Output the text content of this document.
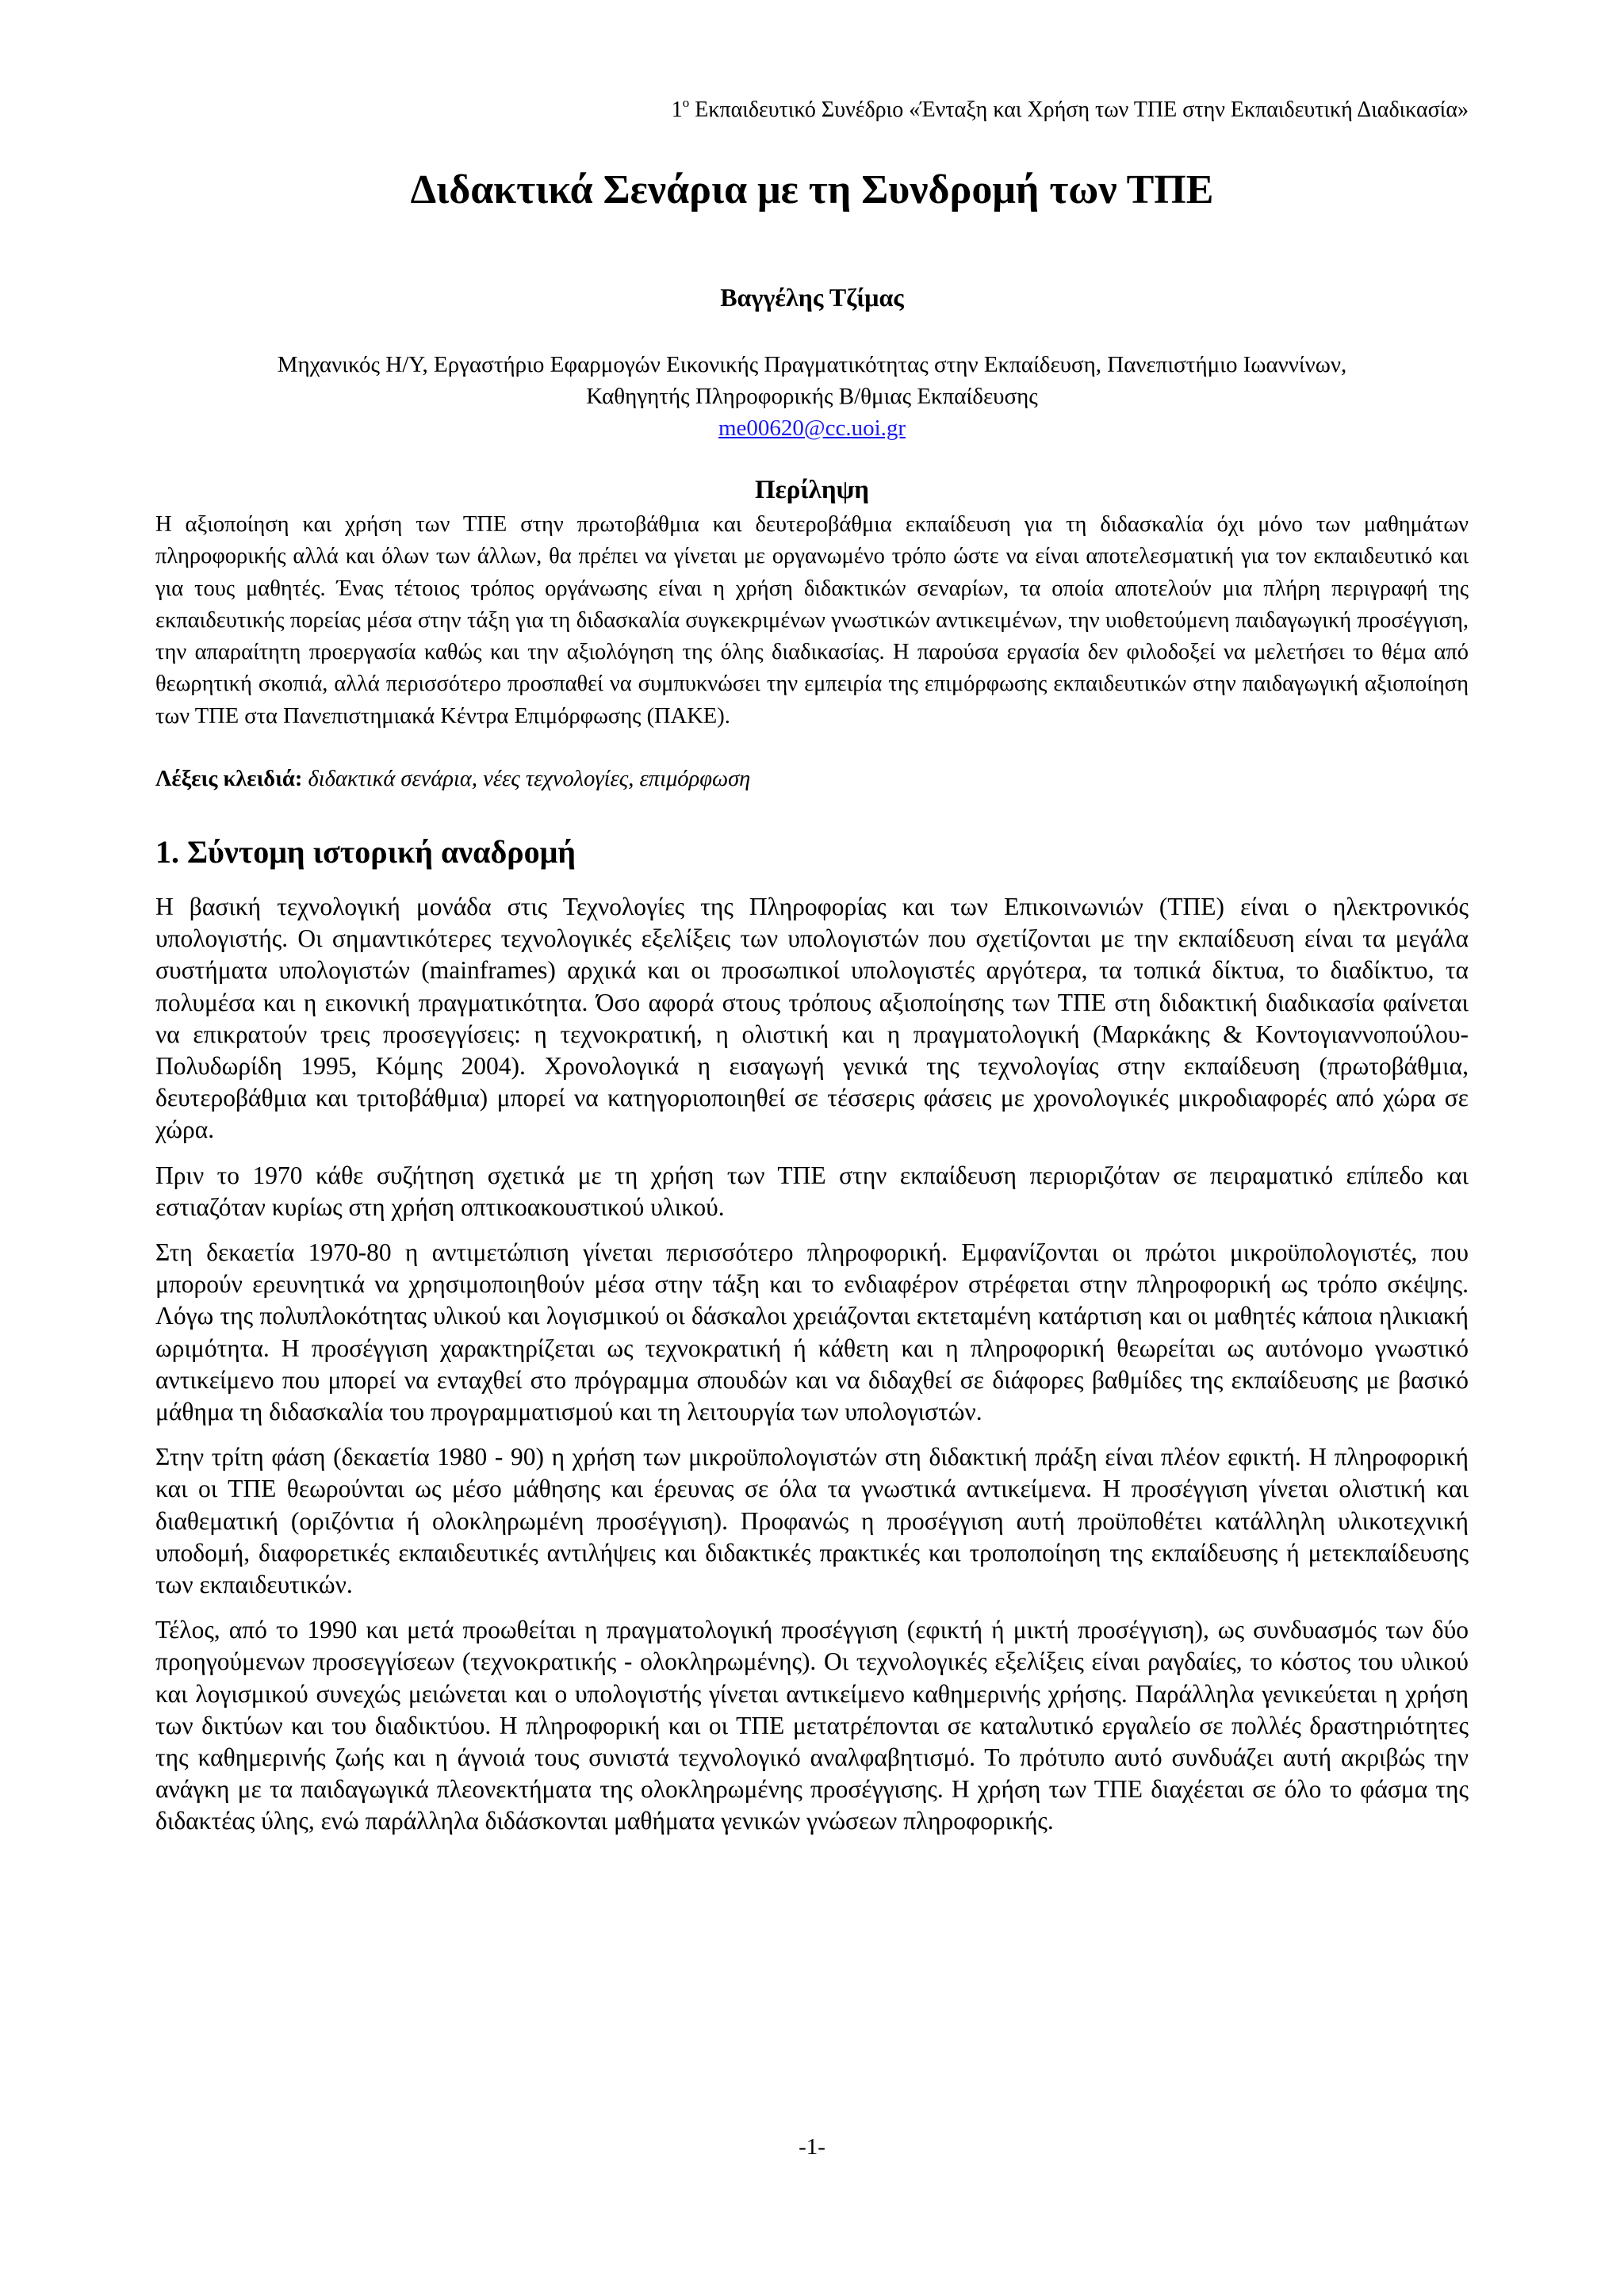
$1^o$ Εκπαιδευτικό Συνέδριο «Ένταξη και Χρήση των ΤΠΕ στην Εκπαιδευτική Διαδικασία»
Διδακτικά Σενάρια με τη Συνδρομή των ΤΠΕ
Βαγγέλης Τζίμας
Μηχανικός Η/Υ, Εργαστήριο Εφαρμογών Εικονικής Πραγματικότητας στην Εκπαίδευση, Πανεπιστήμιο Ιωαννίνων,
Καθηγητής Πληροφορικής Β/θμιας Εκπαίδευσης
me00620@cc.uoi.gr
Περίληψη

Η αξιοποίηση και χρήση των ΤΠΕ στην πρωτοβάθμια και δευτεροβάθμια εκπαίδευση για τη διδασκαλία όχι μόνο των μαθημάτων πληροφορικής αλλά και όλων των άλλων, θα πρέπει να γίνεται με οργανωμένο τρόπο ώστε να είναι αποτελεσματική για τον εκπαιδευτικό και για τους μαθητές. Ένας τέτοιος τρόπος οργάνωσης είναι η χρήση διδακτικών σεναρίων, τα οποία αποτελούν μια πλήρη περιγραφή της εκπαιδευτικής πορείας μέσα στην τάξη για τη διδασκαλία συγκεκριμένων γνωστικών αντικειμένων, την υιοθετούμενη παιδαγωγική προσέγγιση, την απαραίτητη προεργασία καθώς και την αξιολόγηση της όλης διαδικασίας. Η παρούσα εργασία δεν φιλοδοξεί να μελετήσει το θέμα από θεωρητική σκοπιά, αλλά περισσότερο προσπαθεί να συμπυκνώσει την εμπειρία της επιμόρφωσης εκπαιδευτικών στην παιδαγωγική αξιοποίηση των ΤΠΕ στα Πανεπιστημιακά Κέντρα Επιμόρφωσης (ΠΑΚΕ).

Λέξεις κλειδιά: διδακτικά σενάρια, νέες τεχνολογίες, επιμόρφωση
1. Σύντομη ιστορική αναδρομή

Η βασική τεχνολογική μονάδα στις Τεχνολογίες της Πληροφορίας και των Επικοινωνιών (ΤΠΕ) είναι ο ηλεκτρονικός υπολογιστής. Οι σημαντικότερες τεχνολογικές εξελίξεις των υπολογιστών που σχετίζονται με την εκπαίδευση είναι τα μεγάλα συστήματα υπολογιστών (mainframes) αρχικά και οι προσωπικοί υπολογιστές αργότερα, τα τοπικά δίκτυα, το διαδίκτυο, τα πολυμέσα και η εικονική πραγματικότητα. Όσο αφορά στους τρόπους αξιοποίησης των ΤΠΕ στη διδακτική διαδικασία φαίνεται να επικρατούν τρεις προσεγγίσεις: η τεχνοκρατική, η ολιστική και η πραγματολογική (Μαρκάκης & Κοντογιαννοπούλου-Πολυδωρίδη 1995, Κόμης 2004). Χρονολογικά η εισαγωγή γενικά της τεχνολογίας στην εκπαίδευση (πρωτοβάθμια, δευτεροβάθμια και τριτοβάθμια) μπορεί να κατηγοριοποιηθεί σε τέσσερις φάσεις με χρονολογικές μικροδιαφορές από χώρα σε χώρα.

Πριν το 1970 κάθε συζήτηση σχετικά με τη χρήση των ΤΠΕ στην εκπαίδευση περιοριζόταν σε πειραματικό επίπεδο και εστιαζόταν κυρίως στη χρήση οπτικοακουστικού υλικού.

Στη δεκαετία 1970-80 η αντιμετώπιση γίνεται περισσότερο πληροφορική. Εμφανίζονται οι πρώτοι μικροϋπολογιστές, που μπορούν ερευνητικά να χρησιμοποιηθούν μέσα στην τάξη και το ενδιαφέρον στρέφεται στην πληροφορική ως τρόπο σκέψης. Λόγω της πολυπλοκότητας υλικού και λογισμικού οι δάσκαλοι χρειάζονται εκτεταμένη κατάρτιση και οι μαθητές κάποια ηλικιακή ωριμότητα. Η προσέγγιση χαρακτηρίζεται ως τεχνοκρατική ή κάθετη και η πληροφορική θεωρείται ως αυτόνομο γνωστικό αντικείμενο που μπορεί να ενταχθεί στο πρόγραμμα σπουδών και να διδαχθεί σε διάφορες βαθμίδες της εκπαίδευσης με βασικό μάθημα τη διδασκαλία του προγραμματισμού και τη λειτουργία των υπολογιστών.

Στην τρίτη φάση (δεκαετία 1980 - 90) η χρήση των μικροϋπολογιστών στη διδακτική πράξη είναι πλέον εφικτή. Η πληροφορική και οι ΤΠΕ θεωρούνται ως μέσο μάθησης και έρευνας σε όλα τα γνωστικά αντικείμενα. Η προσέγγιση γίνεται ολιστική και διαθεματική (οριζόντια ή ολοκληρωμένη προσέγγιση). Προφανώς η προσέγγιση αυτή προϋποθέτει κατάλληλη υλικοτεχνική υποδομή, διαφορετικές εκπαιδευτικές αντιλήψεις και διδακτικές πρακτικές και τροποποίηση της εκπαίδευσης ή μετεκπαίδευσης των εκπαιδευτικών.

Τέλος, από το 1990 και μετά προωθείται η πραγματολογική προσέγγιση (εφικτή ή μικτή προσέγγιση), ως συνδυασμός των δύο προηγούμενων προσεγγίσεων (τεχνοκρατικής - ολοκληρωμένης). Οι τεχνολογικές εξελίξεις είναι ραγδαίες, το κόστος του υλικού και λογισμικού συνεχώς μειώνεται και ο υπολογιστής γίνεται αντικείμενο καθημερινής χρήσης. Παράλληλα γενικεύεται η χρήση των δικτύων και του διαδικτύου. Η πληροφορική και οι ΤΠΕ μετατρέπονται σε καταλυτικό εργαλείο σε πολλές δραστηριότητες της καθημερινής ζωής και η άγνοιά τους συνιστά τεχνολογικό αναλφαβητισμό. Το πρότυπο αυτό συνδυάζει αυτή ακριβώς την ανάγκη με τα παιδαγωγικά πλεονεκτήματα της ολοκληρωμένης προσέγγισης. Η χρήση των ΤΠΕ διαχέεται σε όλο το φάσμα της διδακτέας ύλης, ενώ παράλληλα διδάσκονται μαθήματα γενικών γνώσεων πληροφορικής.

-1-
